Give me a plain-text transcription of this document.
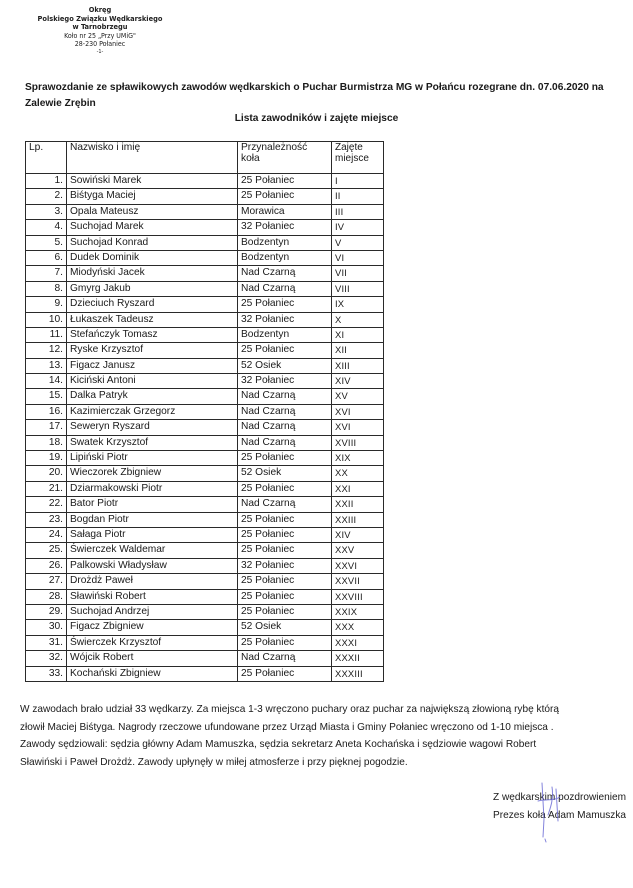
Okręg
Polskiego Związku Wędkarskiego
w Tarnobrzegu
Koło nr 25 „Przy UMiG"
28-230 Połaniec
-1-
Sprawozdanie ze spławikowych zawodów wędkarskich o Puchar Burmistrza MG w Połańcu rozegrane dn. 07.06.2020 na Zalewie Zrębin
Lista zawodników i zajęte miejsce
Lp.	Nazwisko i imię	Przynależność koła	Zajęte miejsce
1.	Sowiński Marek	25 Połaniec	I
2.	Biśtyga Maciej	25 Połaniec	II
3.	Opala Mateusz	Morawica	III
4.	Suchojad Marek	32 Połaniec	IV
5.	Suchojad Konrad	Bodzentyn	V
6.	Dudek Dominik	Bodzentyn	VI
7.	Miodyński Jacek	Nad Czarną	VII
8.	Gmyrg Jakub	Nad Czarną	VIII
9.	Dzieciuch Ryszard	25 Połaniec	IX
10.	Łukaszek Tadeusz	32 Połaniec	X
11.	Stefańczyk Tomasz	Bodzentyn	XI
12.	Ryske Krzysztof	25 Połaniec	XII
13.	Figacz Janusz	52 Osiek	XIII
14.	Kiciński Antoni	32 Połaniec	XIV
15.	Dalka Patryk	Nad Czarną	XV
16.	Kazimierczak Grzegorz	Nad Czarną	XVI
17.	Seweryn Ryszard	Nad Czarną	XVI
18.	Swatek Krzysztof	Nad Czarną	XVIII
19.	Lipiński Piotr	25 Połaniec	XIX
20.	Wieczorek Zbigniew	52 Osiek	XX
21.	Dziarmakowski Piotr	25 Połaniec	XXI
22.	Bator Piotr	Nad Czarną	XXII
23.	Bogdan Piotr	25 Połaniec	XXIII
24.	Sałaga Piotr	25 Połaniec	XIV
25.	Świerczek Waldemar	25 Połaniec	XXV
26.	Palkowski Władysław	32 Połaniec	XXVI
27.	Drożdż Paweł	25 Połaniec	XXVII
28.	Sławiński Robert	25 Połaniec	XXVIII
29.	Suchojad Andrzej	25 Połaniec	XXIX
30.	Figacz Zbigniew	52 Osiek	XXX
31.	Świerczek Krzysztof	25 Połaniec	XXXI
32.	Wójcik Robert	Nad Czarną	XXXII
33.	Kochański Zbigniew	25 Połaniec	XXXIII
W zawodach brało udział 33 wędkarzy. Za miejsca 1-3 wręczono puchary oraz puchar za największą złowioną rybę którą
złowił Maciej Biśtyga. Nagrody rzeczowe ufundowane przez Urząd Miasta i Gminy Połaniec wręczono od 1-10 miejsca .
Zawody sędziowali: sędzia główny Adam Mamuszka, sędzia sekretarz Aneta Kochańska i sędziowie wagowi Robert
Sławiński i Paweł Drożdż. Zawody upłynęły w miłej atmosferze i przy pięknej pogodzie.
Z wędkarskim pozdrowieniem
Prezes koła Adam Mamuszka
